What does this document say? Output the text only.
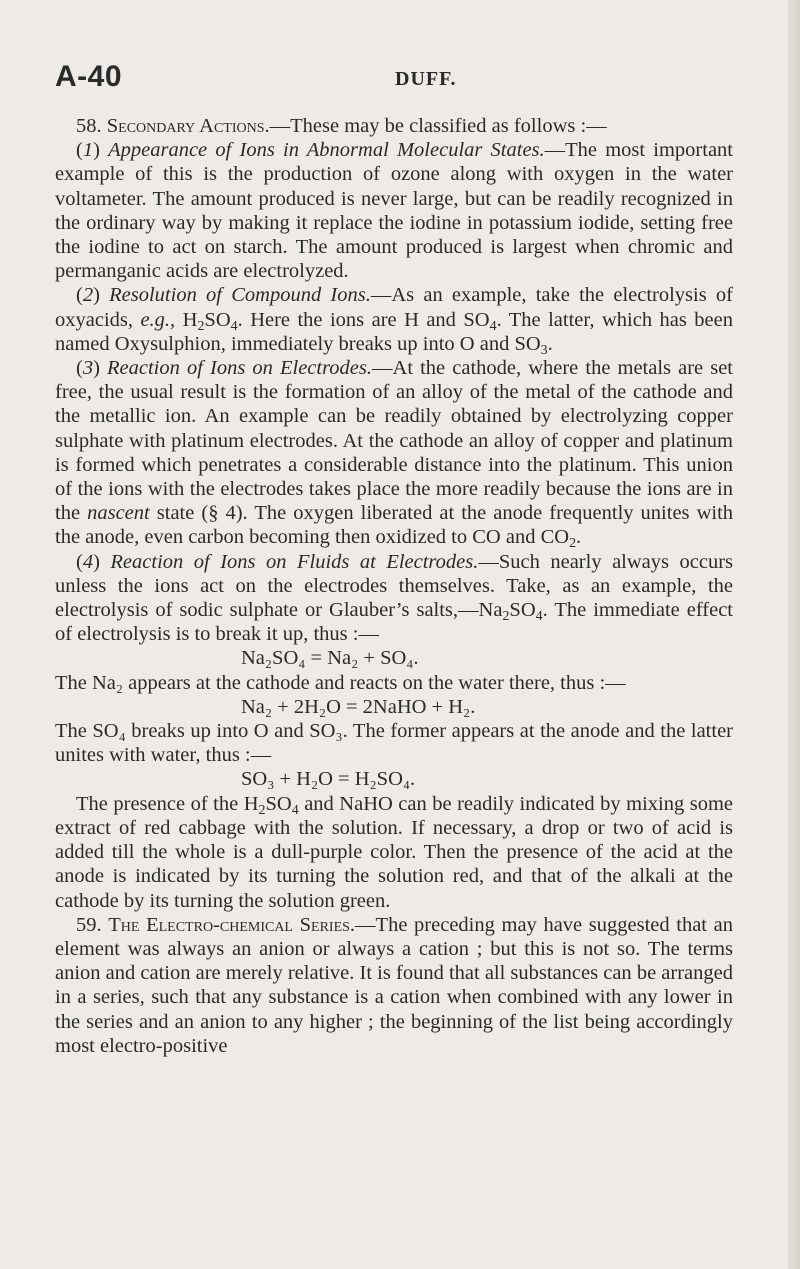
A-40	DUFF.

58. Secondary Actions.—These may be classified as follows :—

(1) Appearance of Ions in Abnormal Molecular States.—The most important example of this is the production of ozone along with oxygen in the water voltameter. The amount produced is never large, but can be readily recognized in the ordinary way by making it replace the iodine in potassium iodide, setting free the iodine to act on starch. The amount produced is largest when chromic and permanganic acids are electrolyzed.

(2) Resolution of Compound Ions.—As an example, take the electrolysis of oxyacids, e.g., $H_2SO_4$. Here the ions are H and $SO_4$. The latter, which has been named Oxysulphion, immediately breaks up into O and $SO_3$.

(3) Reaction of Ions on Electrodes.—At the cathode, where the metals are set free, the usual result is the formation of an alloy of the metal of the cathode and the metallic ion. An example can be readily obtained by electrolyzing copper sulphate with platinum electrodes. At the cathode an alloy of copper and platinum is formed which penetrates a considerable distance into the platinum. This union of the ions with the electrodes takes place the more readily because the ions are in the nascent state (§ 4). The oxygen liberated at the anode frequently unites with the anode, even carbon becoming then oxidized to CO and $CO_2$.

(4) Reaction of Ions on Fluids at Electrodes.—Such nearly always occurs unless the ions act on the electrodes themselves. Take, as an example, the electrolysis of sodic sulphate or Glauber’s $salts,—Na_2SO_4$. The immediate effect of electrolysis is to break it up, thus :—

Na₂SO₄ = Na₂ + SO₄.

The Na₂ appears at the cathode and reacts on the water there, thus :—

Na₂ + 2H₂O = 2NaHO + H₂.

The SO₄ breaks up into O and SO₃. The former appears at the anode and the latter unites with water, thus :—

SO₃ + H₂O = H₂SO₄.

The presence of the $H_2SO_4$ and NaHO can be readily indicated by mixing some extract of red cabbage with the solution. If necessary, a drop or two of acid is added till the whole is a dull-purple color. Then the presence of the acid at the anode is indicated by its turning the solution red, and that of the alkali at the cathode by its turning the solution green.

59. The Electro-chemical Series.—The preceding may have suggested that an element was always an anion or always a cation ; but this is not so. The terms anion and cation are merely relative. It is found that all substances can be arranged in a series, such that any substance is a cation when combined with any lower in the series and an anion to any higher ; the beginning of the list being accordingly most electro-positive
